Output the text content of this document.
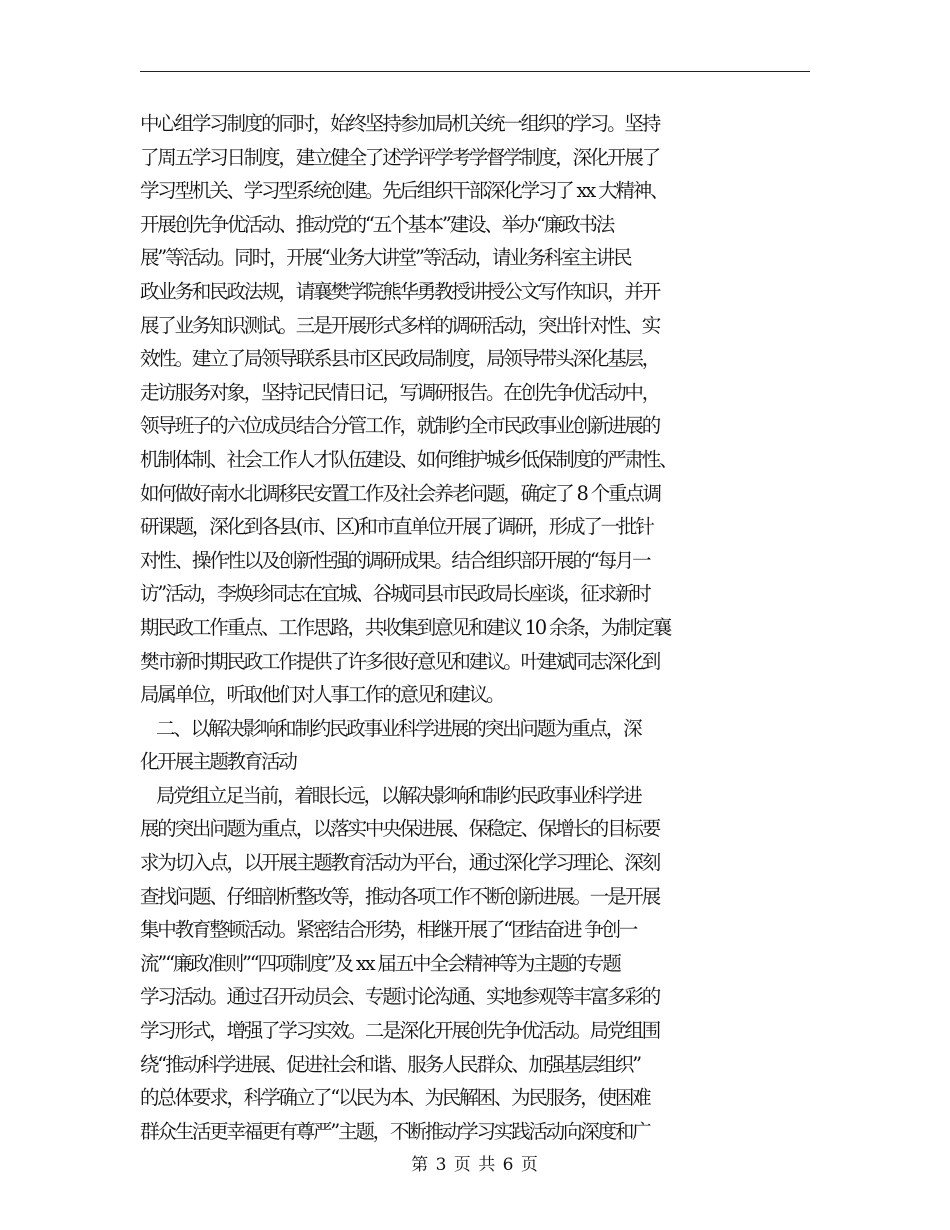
中心组学习制度的同时，始终坚持参加局机关统一组织的学习。坚持
了周五学习日制度，建立健全了述学评学考学督学制度，深化开展了
学习型机关、学习型系统创建。先后组织干部深化学习了 xx 大精神、
开展创先争优活动、推动党的“五个基本”建设、举办“廉政书法
展”等活动。同时，开展“业务大讲堂”等活动，请业务科室主讲民
政业务和民政法规，请襄樊学院熊华勇教授讲授公文写作知识，并开
展了业务知识测试。三是开展形式多样的调研活动，突出针对性、实
效性。建立了局领导联系县市区民政局制度，局领导带头深化基层，
走访服务对象，坚持记民情日记，写调研报告。在创先争优活动中，
领导班子的六位成员结合分管工作，就制约全市民政事业创新进展的
机制体制、社会工作人才队伍建设、如何维护城乡低保制度的严肃性、
如何做好南水北调移民安置工作及社会养老问题，确定了 8 个重点调
研课题，深化到各县(市、区)和市直单位开展了调研，形成了一批针
对性、操作性以及创新性强的调研成果。结合组织部开展的“每月一
访”活动，李焕珍同志在宜城、谷城同县市民政局长座谈，征求新时
期民政工作重点、工作思路，共收集到意见和建议 10 余条，为制定襄
樊市新时期民政工作提供了许多很好意见和建议。叶建斌同志深化到
局属单位，听取他们对人事工作的意见和建议。
二、以解决影响和制约民政事业科学进展的突出问题为重点，深
化开展主题教育活动
局党组立足当前，着眼长远，以解决影响和制约民政事业科学进
展的突出问题为重点，以落实中央保进展、保稳定、保增长的目标要
求为切入点，以开展主题教育活动为平台，通过深化学习理论、深刻
查找问题、仔细剖析整改等，推动各项工作不断创新进展。一是开展
集中教育整顿活动。紧密结合形势，相继开展了“团结奋进 争创一
流”“廉政准则”“四项制度”及 xx 届五中全会精神等为主题的专题
学习活动。通过召开动员会、专题讨论沟通、实地参观等丰富多彩的
学习形式，增强了学习实效。二是深化开展创先争优活动。局党组围
绕“推动科学进展、促进社会和谐、服务人民群众、加强基层组织”
的总体要求，科学确立了“以民为本、为民解困、为民服务，使困难
群众生活更幸福更有尊严”主题，不断推动学习实践活动向深度和广
第 3 页 共 6 页
